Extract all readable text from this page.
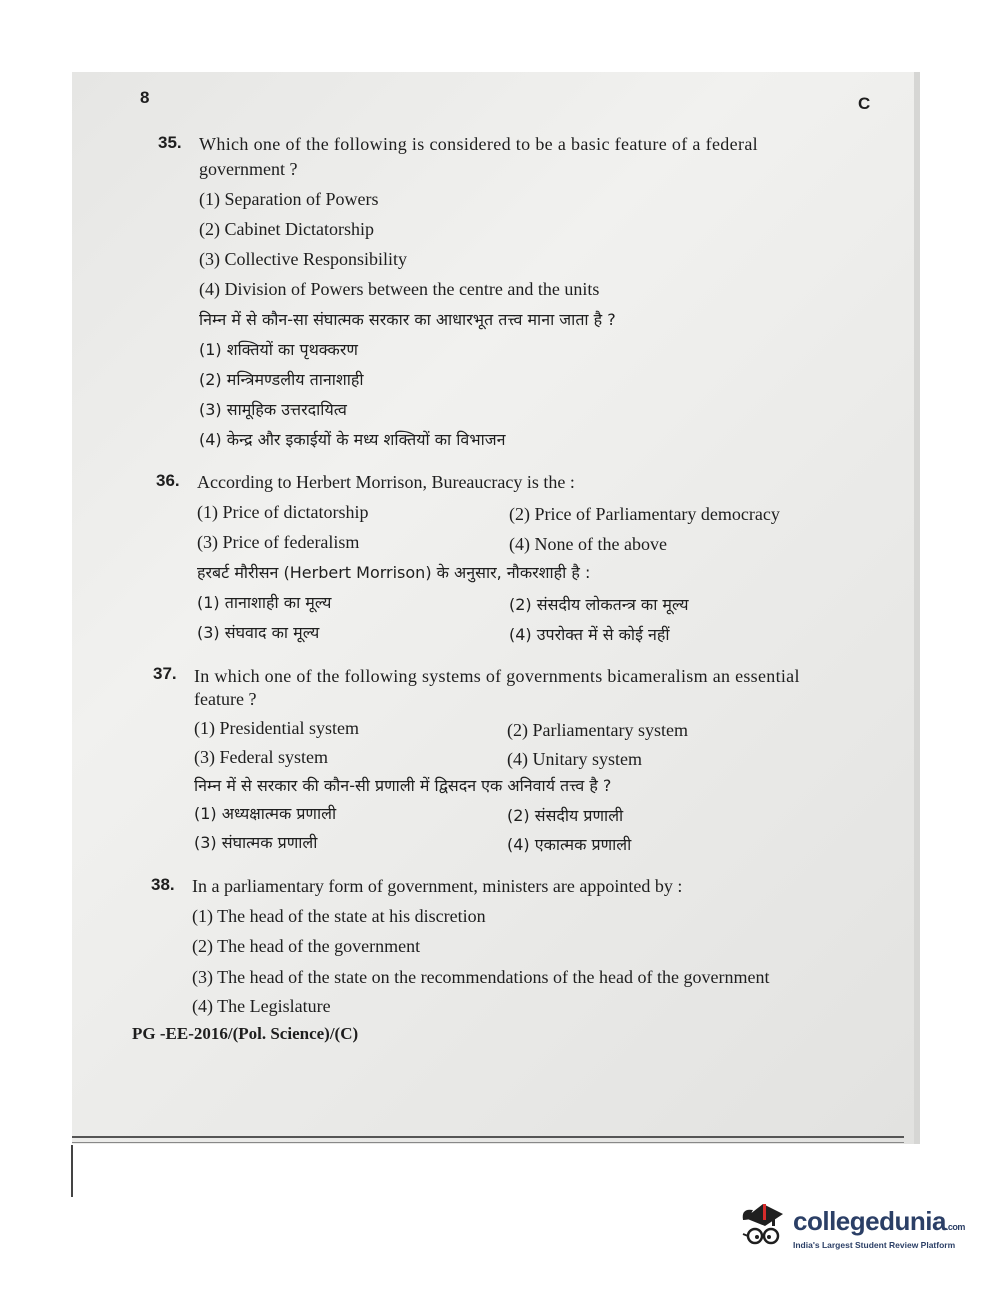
8	C
35. Which one of the following is considered to be a basic feature of a federal
government ?
(1) Separation of Powers
(2) Cabinet Dictatorship
(3) Collective Responsibility
(4) Division of Powers between the centre and the units
निम्न में से कौन-सा संघात्मक सरकार का आधारभूत तत्त्व माना जाता है ?
(1) शक्तियों का पृथक्करण
(2) मन्त्रिमण्डलीय तानाशाही
(3) सामूहिक उत्तरदायित्व
(4) केन्द्र और इकाईयों के मध्य शक्तियों का विभाजन
36. According to Herbert Morrison, Bureaucracy is the :
(1) Price of dictatorship	(2) Price of Parliamentary democracy
(3) Price of federalism	(4) None of the above
हरबर्ट मौरीसन (Herbert Morrison) के अनुसार, नौकरशाही है :
(1) तानाशाही का मूल्य	(2) संसदीय लोकतन्त्र का मूल्य
(3) संघवाद का मूल्य	(4) उपरोक्त में से कोई नहीं
37. In which one of the following systems of governments bicameralism an essential
feature ?
(1) Presidential system	(2) Parliamentary system
(3) Federal system	(4) Unitary system
निम्न में से सरकार की कौन-सी प्रणाली में द्विसदन एक अनिवार्य तत्त्व है ?
(1) अध्यक्षात्मक प्रणाली	(2) संसदीय प्रणाली
(3) संघात्मक प्रणाली	(4) एकात्मक प्रणाली
38. In a parliamentary form of government, ministers are appointed by :
(1) The head of the state at his discretion
(2) The head of the government
(3) The head of the state on the recommendations of the head of the government
(4) The Legislature
PG -EE-2016/(Pol. Science)/(C)
collegedunia.com
India's Largest Student Review Platform
